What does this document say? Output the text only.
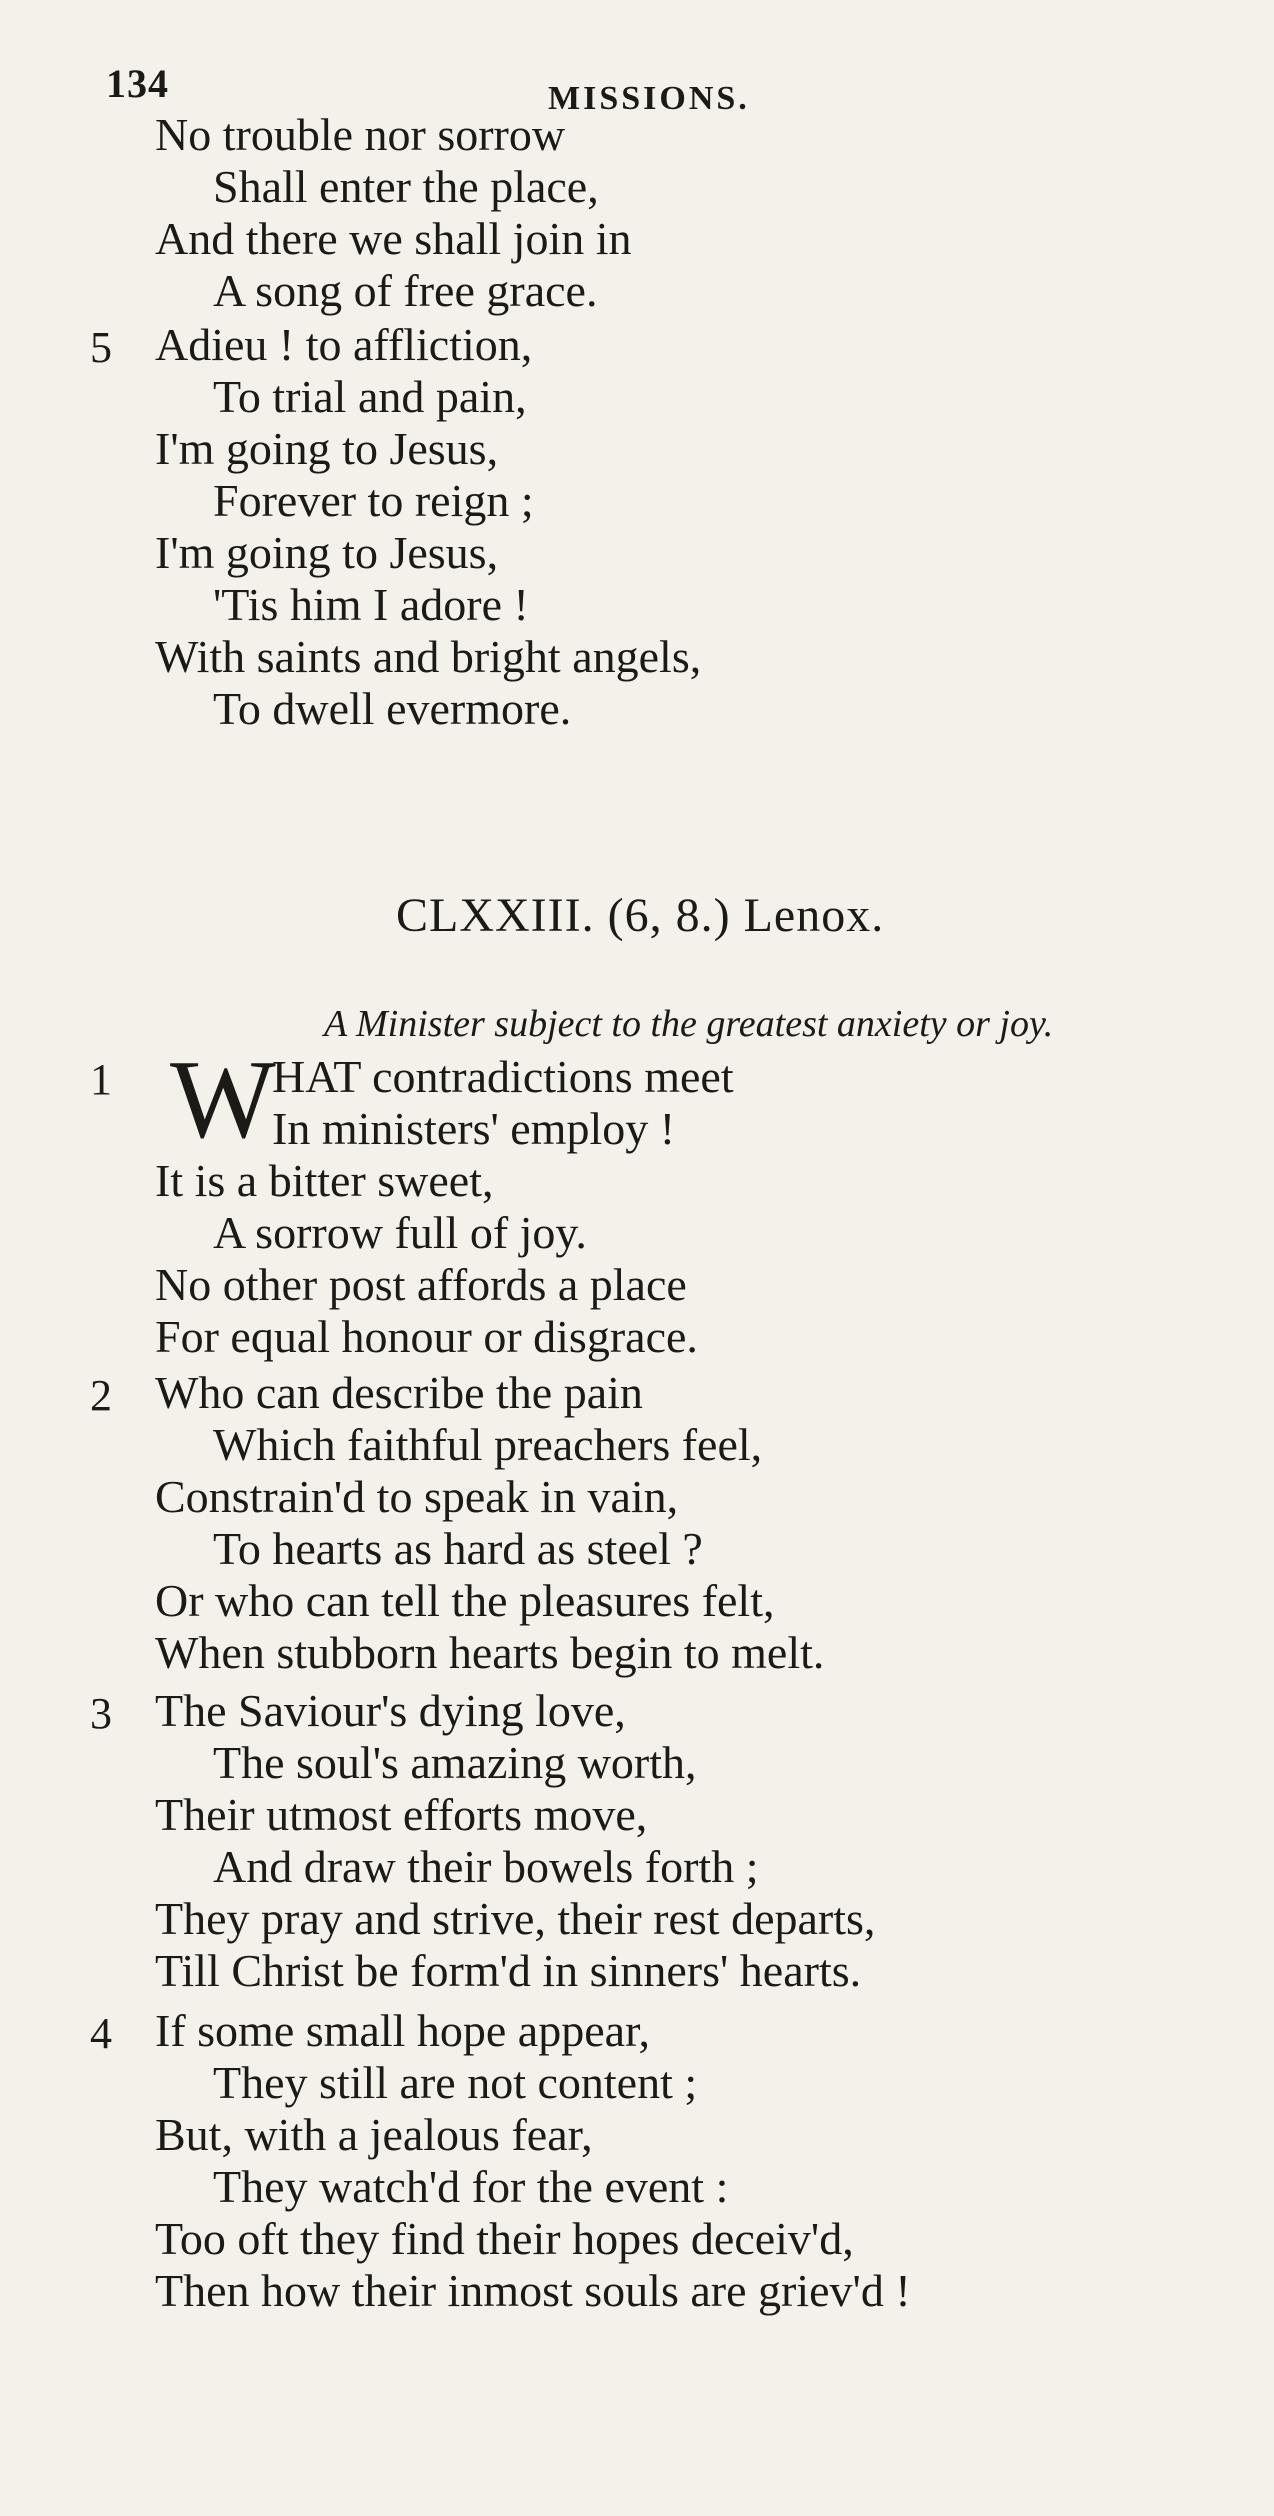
134	MISSIONS.
No trouble nor sorrow
Shall enter the place,
And there we shall join in
A song of free grace.
5 Adieu ! to affliction,
To trial and pain,
I'm going to Jesus,
Forever to reign ;
I'm going to Jesus,
'Tis him I adore !
With saints and bright angels,
To dwell evermore.
CLXXIII. (6, 8.) Lenox.
A Minister subject to the greatest anxiety or joy.
1 W
HAT contradictions meet
In ministers' employ !
It is a bitter sweet,
A sorrow full of joy.
No other post affords a place
For equal honour or disgrace.
2 Who can describe the pain
Which faithful preachers feel,
Constrain'd to speak in vain,
To hearts as hard as steel ?
Or who can tell the pleasures felt,
When stubborn hearts begin to melt.
3 The Saviour's dying love,
The soul's amazing worth,
Their utmost efforts move,
And draw their bowels forth ;
They pray and strive, their rest departs,
Till Christ be form'd in sinners' hearts.
4 If some small hope appear,
They still are not content ;
But, with a jealous fear,
They watch'd for the event :
Too oft they find their hopes deceiv'd,
Then how their inmost souls are griev'd !
